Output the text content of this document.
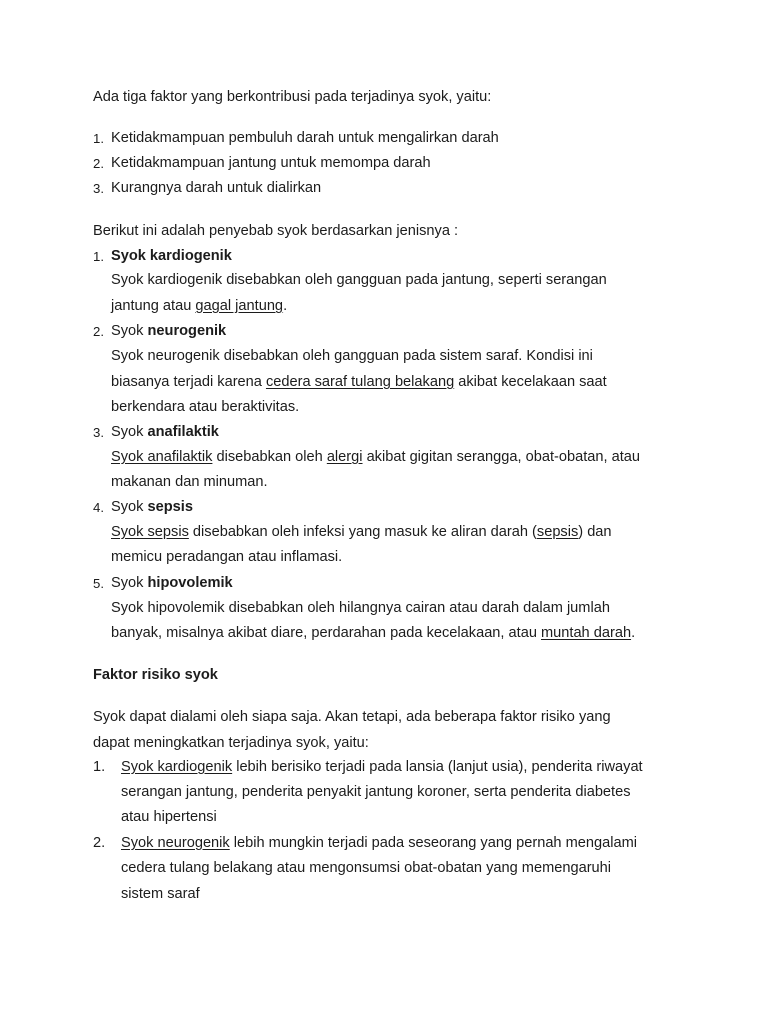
Ada tiga faktor yang berkontribusi pada terjadinya syok, yaitu:
1. Ketidakmampuan pembuluh darah untuk mengalirkan darah
2. Ketidakmampuan jantung untuk memompa darah
3. Kurangnya darah untuk dialirkan
Berikut ini adalah penyebab syok berdasarkan jenisnya :
1. Syok kardiogenik
Syok kardiogenik disebabkan oleh gangguan pada jantung, seperti serangan
jantung atau gagal jantung.
2. Syok neurogenik
Syok neurogenik disebabkan oleh gangguan pada sistem saraf. Kondisi ini
biasanya terjadi karena cedera saraf tulang belakang akibat kecelakaan saat
berkendara atau beraktivitas.
3. Syok anafilaktik
Syok anafilaktik disebabkan oleh alergi akibat gigitan serangga, obat-obatan, atau
makanan dan minuman.
4. Syok sepsis
Syok sepsis disebabkan oleh infeksi yang masuk ke aliran darah (sepsis) dan
memicu peradangan atau inflamasi.
5. Syok hipovolemik
Syok hipovolemik disebabkan oleh hilangnya cairan atau darah dalam jumlah
banyak, misalnya akibat diare, perdarahan pada kecelakaan, atau muntah darah.
Faktor risiko syok
Syok dapat dialami oleh siapa saja. Akan tetapi, ada beberapa faktor risiko yang
dapat meningkatkan terjadinya syok, yaitu:
1. Syok kardiogenik lebih berisiko terjadi pada lansia (lanjut usia), penderita riwayat
serangan jantung, penderita penyakit jantung koroner, serta penderita diabetes
atau hipertensi
2. Syok neurogenik lebih mungkin terjadi pada seseorang yang pernah mengalami
cedera tulang belakang atau mengonsumsi obat-obatan yang memengaruhi
sistem saraf
